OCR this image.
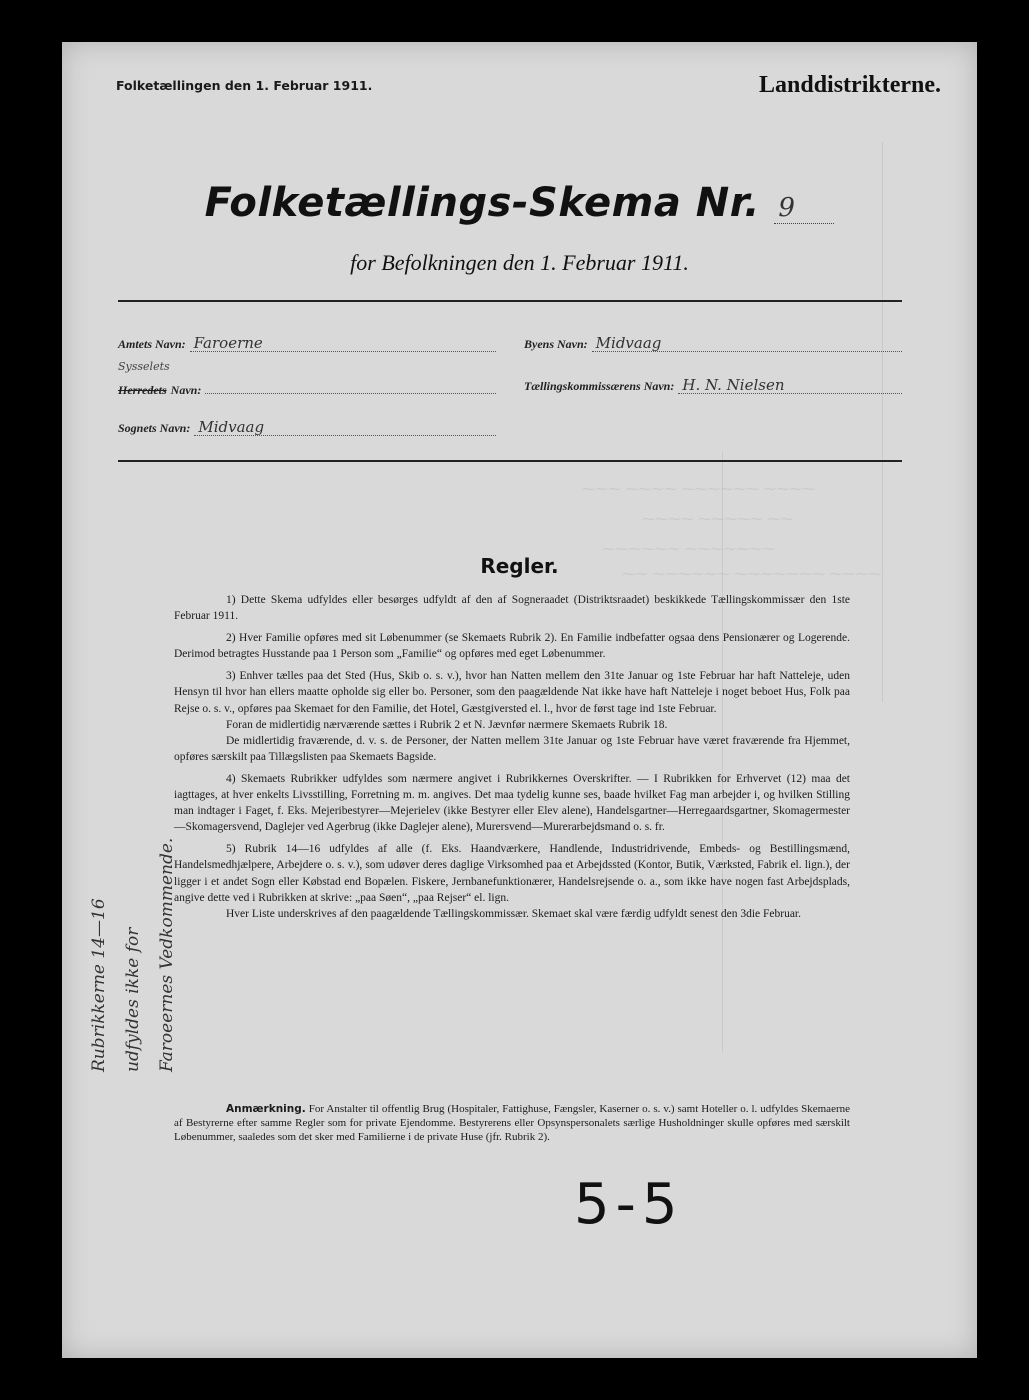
⁓⁓⁓ ⁓⁓⁓⁓ ⁓⁓⁓⁓⁓⁓ ⁓⁓⁓⁓
⁓⁓⁓⁓ ⁓⁓⁓⁓⁓ ⁓⁓
⁓⁓⁓⁓⁓⁓ ⁓⁓⁓⁓⁓⁓⁓
⁓⁓ ⁓⁓⁓⁓⁓⁓ ⁓⁓⁓⁓⁓⁓⁓ ⁓⁓⁓⁓
Folketællingen den 1. Februar 1911.	Landdistrikterne.
Folketællings-Skema Nr. 9
for Befolkningen den 1. Februar 1911.
Amtets Navn: Faroerne
Sysselets
Herredets Navn:
Sognets Navn: Midvaag
Byens Navn: Midvaag
Tællingskommissærens Navn: H. N. Nielsen
Regler.

1) Dette Skema udfyldes eller besørges udfyldt af den af Sogneraadet (Distriktsraadet) beskikkede Tællingskommissær den 1ste Februar 1911.

2) Hver Familie opføres med sit Løbenummer (se Skemaets Rubrik 2). En Familie indbefatter ogsaa dens Pensionærer og Logerende. Derimod betragtes Husstande paa 1 Person som „Familie“ og opføres med eget Løbenummer.

3) Enhver tælles paa det Sted (Hus, Skib o. s. v.), hvor han Natten mellem den 31te Januar og 1ste Februar har haft Natteleje, uden Hensyn til hvor han ellers maatte opholde sig eller bo. Personer, som den paagældende Nat ikke have haft Natteleje i noget beboet Hus, Folk paa Rejse o. s. v., opføres paa Skemaet for den Familie, det Hotel, Gæstgiversted el. l., hvor de først tage ind 1ste Februar.

Foran de midlertidig nærværende sættes i Rubrik 2 et N. Jævnfør nærmere Skemaets Rubrik 18.

De midlertidig fraværende, d. v. s. de Personer, der Natten mellem 31te Januar og 1ste Februar have været fraværende fra Hjemmet, opføres særskilt paa Tillægslisten paa Skemaets Bagside.

4) Skemaets Rubrikker udfyldes som nærmere angivet i Rubrikkernes Overskrifter. — I Rubrikken for Erhvervet (12) maa det iagttages, at hver enkelts Livsstilling, Forretning m. m. angives. Det maa tydelig kunne ses, baade hvilket Fag man arbejder i, og hvilken Stilling man indtager i Faget, f. Eks. Mejeribestyrer—Mejerielev (ikke Bestyrer eller Elev alene), Handelsgartner—Herregaardsgartner, Skomagermester—Skomagersvend, Daglejer ved Agerbrug (ikke Daglejer alene), Murersvend—Murerarbejdsmand o. s. fr.

5) Rubrik 14—16 udfyldes af alle (f. Eks. Haandværkere, Handlende, Industridrivende, Embeds- og Bestillingsmænd, Handelsmedhjælpere, Arbejdere o. s. v.), som udøver deres daglige Virksomhed paa et Arbejdssted (Kontor, Butik, Værksted, Fabrik el. lign.), der ligger i et andet Sogn eller Købstad end Bopælen. Fiskere, Jernbanefunktionærer, Handelsrejsende o. a., som ikke have nogen fast Arbejdsplads, angive dette ved i Rubrikken at skrive: „paa Søen“, „paa Rejser“ el. lign.

Hver Liste underskrives af den paagældende Tællingskommissær. Skemaet skal være færdig udfyldt senest den 3die Februar.

Anmærkning. For Anstalter til offentlig Brug (Hospitaler, Fattighuse, Fængsler, Kaserner o. s. v.) samt Hoteller o. l. udfyldes Skemaerne af Bestyrerne efter samme Regler som for private Ejendomme. Bestyrerens eller Opsynspersonalets særlige Husholdninger skulle opføres med særskilt Løbenummer, saaledes som det sker med Familierne i de private Huse (jfr. Rubrik 2).
Rubrikkerne 14—16 udfyldes ikke for Faroeernes Vedkommende.
5-5
